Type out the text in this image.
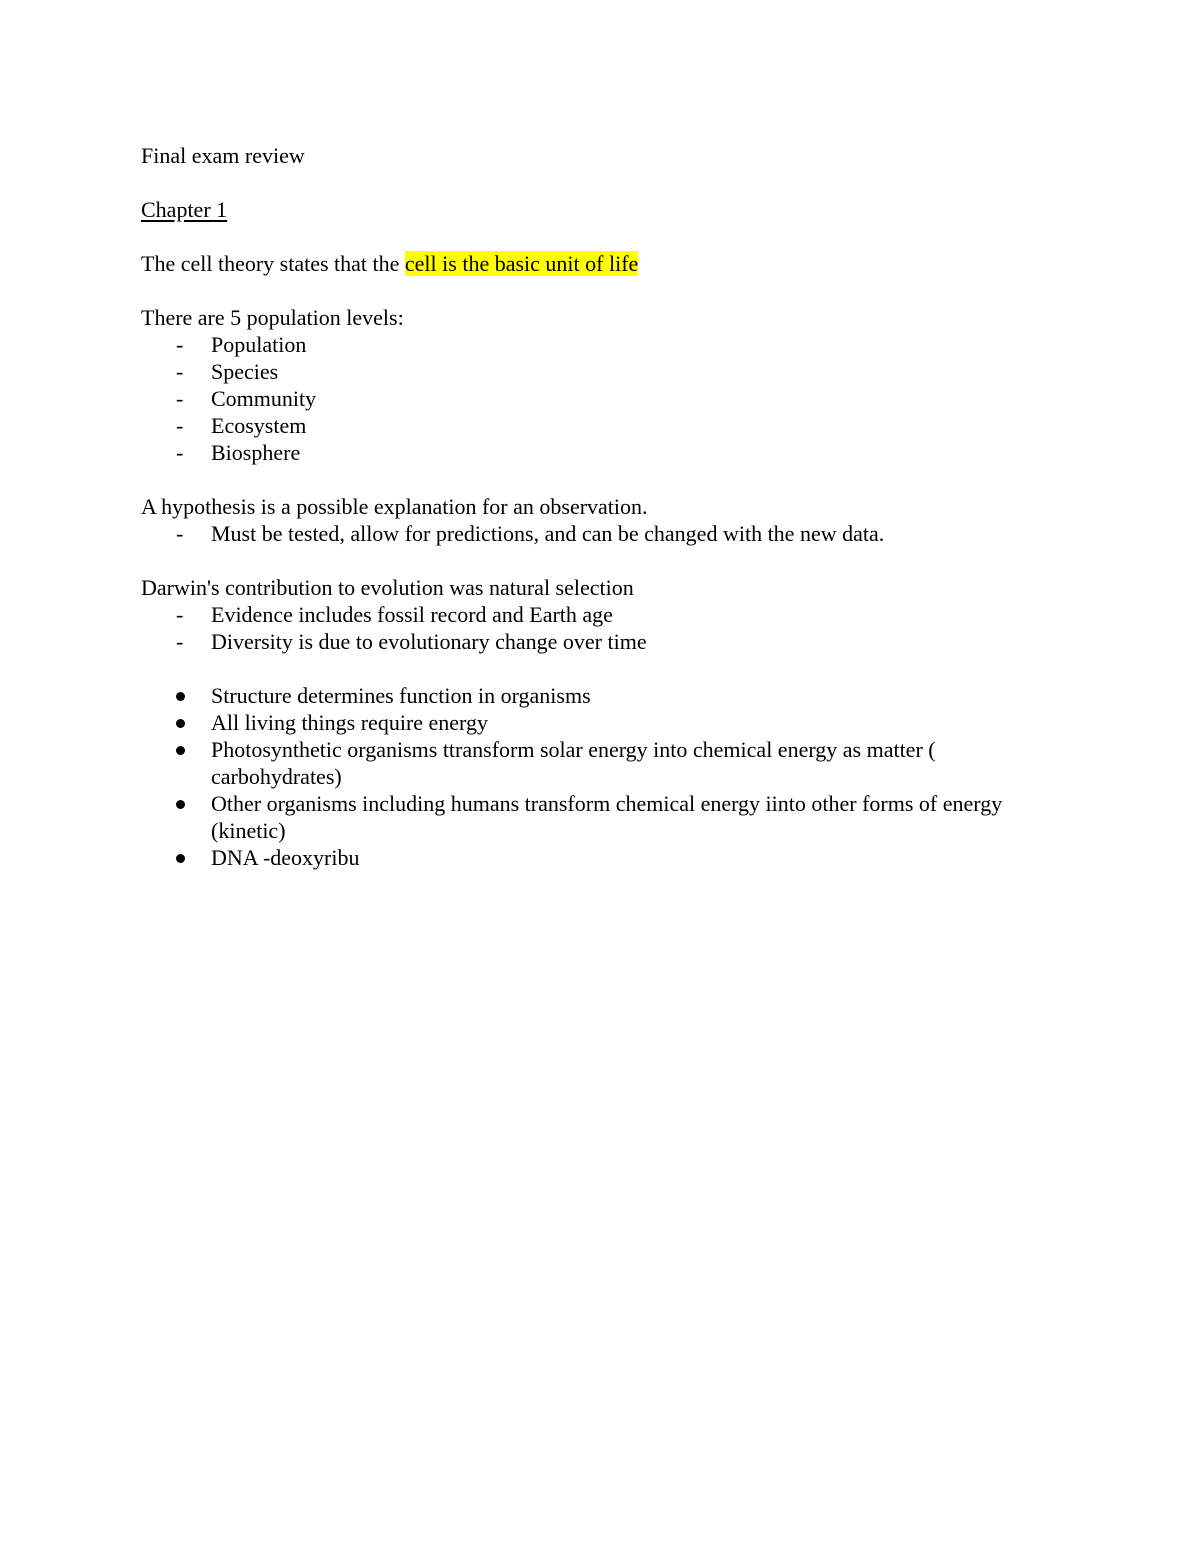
Final exam review

Chapter 1

The cell theory states that the cell is the basic unit of life

There are 5 population levels:

- Population
- Species
- Community
- Ecosystem
- Biosphere

A hypothesis is a possible explanation for an observation.

- Must be tested, allow for predictions, and can be changed with the new data.

Darwin's contribution to evolution was natural selection

- Evidence includes fossil record and Earth age
- Diversity is due to evolutionary change over time
Structure determines function in organisms
All living things require energy
Photosynthetic organisms ttransform solar energy into chemical energy as matter ( carbohydrates)
Other organisms including humans transform chemical energy iinto other forms of energy (kinetic)
DNA -deoxyribu
